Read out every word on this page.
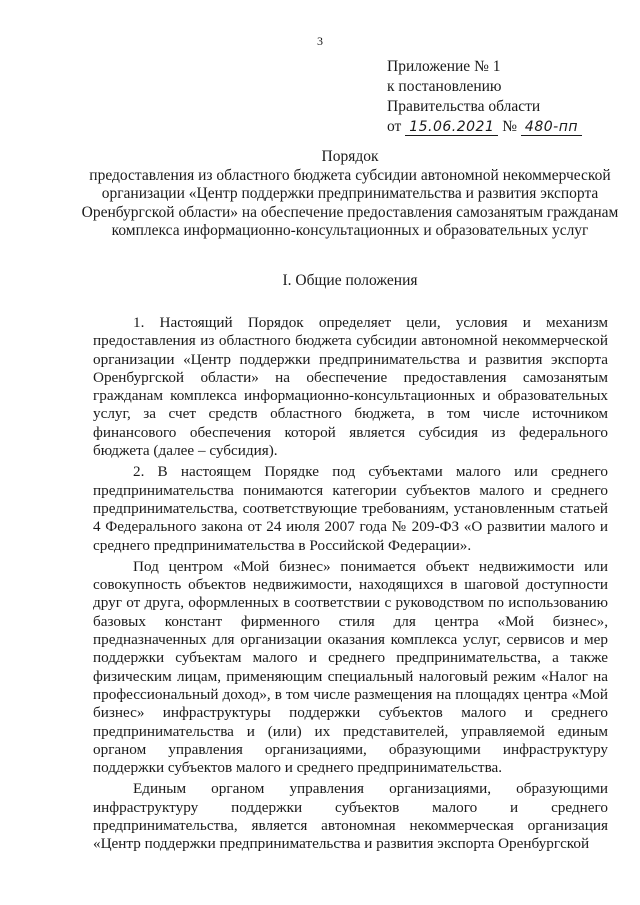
3
Приложение № 1
к постановлению
Правительства области
от 15.06.2021 № 480-пп
Порядок
предоставления из областного бюджета субсидии автономной некоммерческой организации «Центр поддержки предпринимательства и развития экспорта Оренбургской области» на обеспечение предоставления самозанятым гражданам комплекса информационно-консультационных и образовательных услуг
I. Общие положения

1. Настоящий Порядок определяет цели, условия и механизм предоставления из областного бюджета субсидии автономной некоммерческой организации «Центр поддержки предпринимательства и развития экспорта Оренбургской области» на обеспечение предоставления самозанятым гражданам комплекса информационно-консультационных и образовательных услуг, за счет средств областного бюджета, в том числе источником финансового обеспечения которой является субсидия из федерального бюджета (далее – субсидия).

2. В настоящем Порядке под субъектами малого или среднего предпринимательства понимаются категории субъектов малого и среднего предпринимательства, соответствующие требованиям, установленным статьей 4 Федерального закона от 24 июля 2007 года № 209-ФЗ «О развитии малого и среднего предпринимательства в Российской Федерации».

Под центром «Мой бизнес» понимается объект недвижимости или совокупность объектов недвижимости, находящихся в шаговой доступности друг от друга, оформленных в соответствии с руководством по использованию базовых констант фирменного стиля для центра «Мой бизнес», предназначенных для организации оказания комплекса услуг, сервисов и мер поддержки субъектам малого и среднего предпринимательства, а также физическим лицам, применяющим специальный налоговый режим «Налог на профессиональный доход», в том числе размещения на площадях центра «Мой бизнес» инфраструктуры поддержки субъектов малого и среднего предпринимательства и (или) их представителей, управляемой единым органом управления организациями, образующими инфраструктуру поддержки субъектов малого и среднего предпринимательства.

Единым органом управления организациями, образующими инфраструктуру поддержки субъектов малого и среднего предпринимательства, является автономная некоммерческая организация «Центр поддержки предпринимательства и развития экспорта Оренбургской
